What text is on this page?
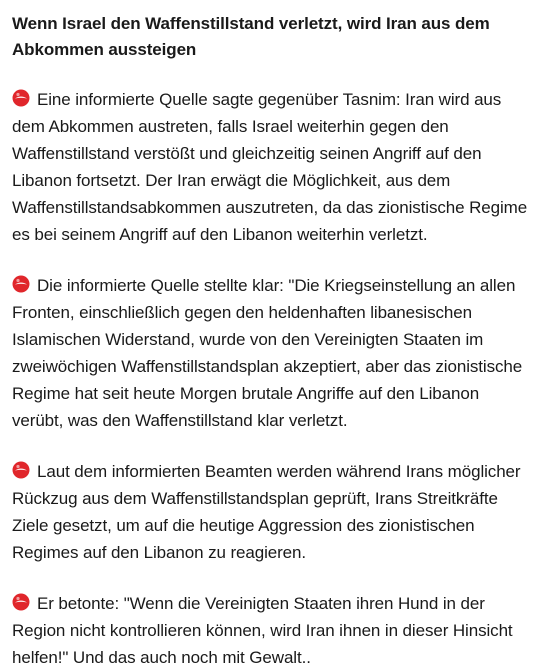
Wenn Israel den Waffenstillstand verletzt, wird Iran aus dem Abkommen aussteigen

Eine informierte Quelle sagte gegenüber Tasnim: Iran wird aus dem Abkommen austreten, falls Israel weiterhin gegen den Waffenstillstand verstößt und gleichzeitig seinen Angriff auf den Libanon fortsetzt. Der Iran erwägt die Möglichkeit, aus dem Waffenstillstandsabkommen auszutreten, da das zionistische Regime es bei seinem Angriff auf den Libanon weiterhin verletzt.

Die informierte Quelle stellte klar: "Die Kriegseinstellung an allen Fronten, einschließlich gegen den heldenhaften libanesischen Islamischen Widerstand, wurde von den Vereinigten Staaten im zweiwöchigen Waffenstillstandsplan akzeptiert, aber das zionistische Regime hat seit heute Morgen brutale Angriffe auf den Libanon verübt, was den Waffenstillstand klar verletzt.

Laut dem informierten Beamten werden während Irans möglicher Rückzug aus dem Waffenstillstandsplan geprüft, Irans Streitkräfte Ziele gesetzt, um auf die heutige Aggression des zionistischen Regimes auf den Libanon zu reagieren.

Er betonte: "Wenn die Vereinigten Staaten ihren Hund in der Region nicht kontrollieren können, wird Iran ihnen in dieser Hinsicht helfen!" Und das auch noch mit Gewalt..
